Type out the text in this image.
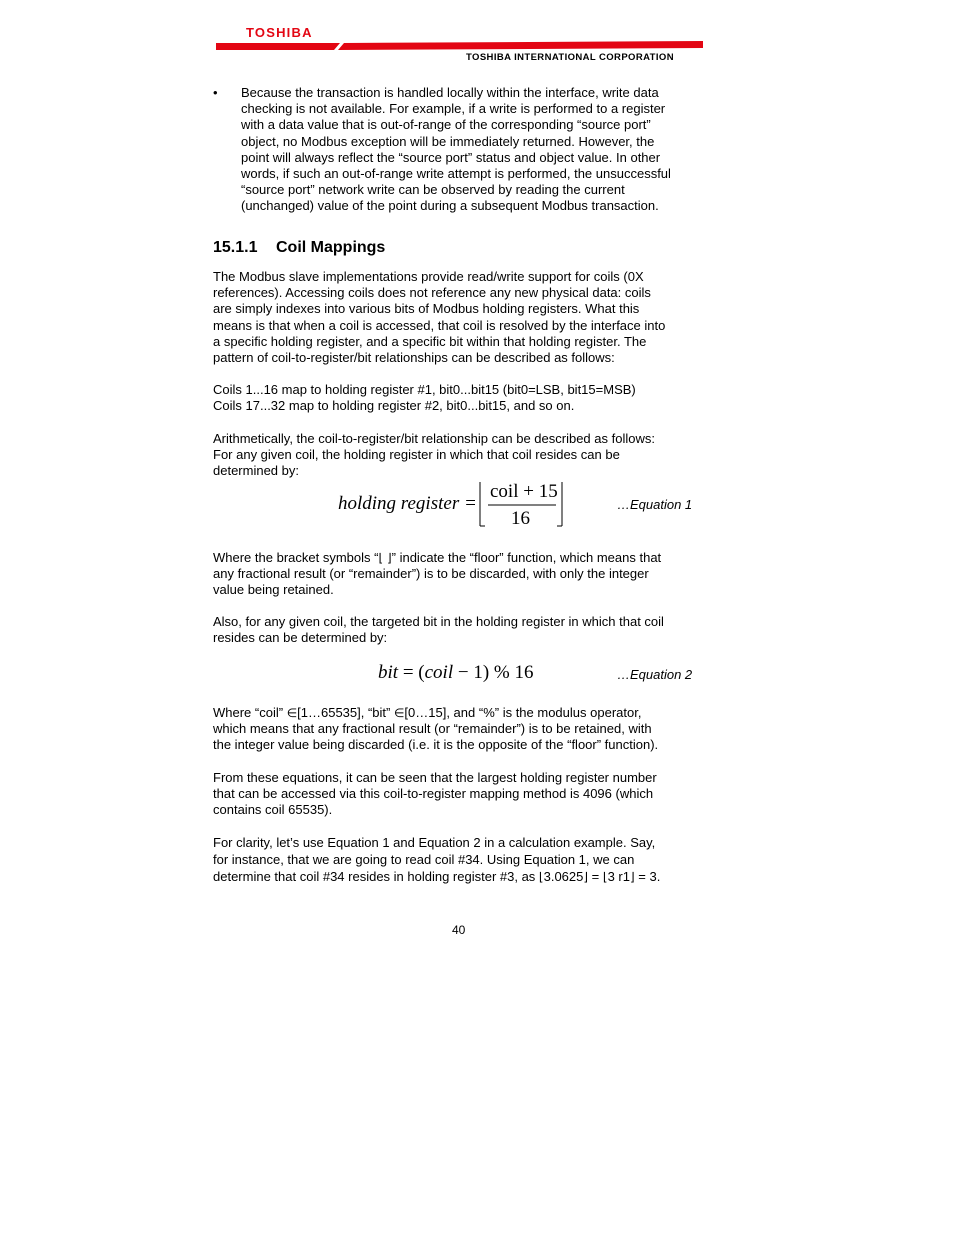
TOSHIBA
TOSHIBA INTERNATIONAL CORPORATION
• Because the transaction is handled locally within the interface, write data
checking is not available. For example, if a write is performed to a register
with a data value that is out-of-range of the corresponding “source port”
object, no Modbus exception will be immediately returned. However, the
point will always reflect the “source port” status and object value. In other
words, if such an out-of-range write attempt is performed, the unsuccessful
“source port” network write can be observed by reading the current
(unchanged) value of the point during a subsequent Modbus transaction.

15.1.1 Coil Mappings

The Modbus slave implementations provide read/write support for coils (0X
references). Accessing coils does not reference any new physical data: coils
are simply indexes into various bits of Modbus holding registers. What this
means is that when a coil is accessed, that coil is resolved by the interface into
a specific holding register, and a specific bit within that holding register. The
pattern of coil-to-register/bit relationships can be described as follows:

Coils 1...16 map to holding register #1, bit0...bit15 (bit0=LSB, bit15=MSB)
Coils 17...32 map to holding register #2, bit0...bit15, and so on.

Arithmetically, the coil-to-register/bit relationship can be described as follows:
For any given coil, the holding register in which that coil resides can be
determined by:

holding register =
coil + 15
16
…Equation 1

Where the bracket symbols “⌊ ⌋” indicate the “floor” function, which means that
any fractional result (or “remainder”) is to be discarded, with only the integer
value being retained.

Also, for any given coil, the targeted bit in the holding register in which that coil
resides can be determined by:

bit = (coil − 1) % 16	…Equation 2

Where “coil” ∈[1…65535], “bit” ∈[0…15], and “%” is the modulus operator,
which means that any fractional result (or “remainder”) is to be retained, with
the integer value being discarded (i.e. it is the opposite of the “floor” function).

From these equations, it can be seen that the largest holding register number
that can be accessed via this coil-to-register mapping method is 4096 (which
contains coil 65535).

For clarity, let’s use Equation 1 and Equation 2 in a calculation example. Say,
for instance, that we are going to read coil #34. Using Equation 1, we can
determine that coil #34 resides in holding register #3, as ⌊3.0625⌋ = ⌊3 r1⌋ = 3.

40
